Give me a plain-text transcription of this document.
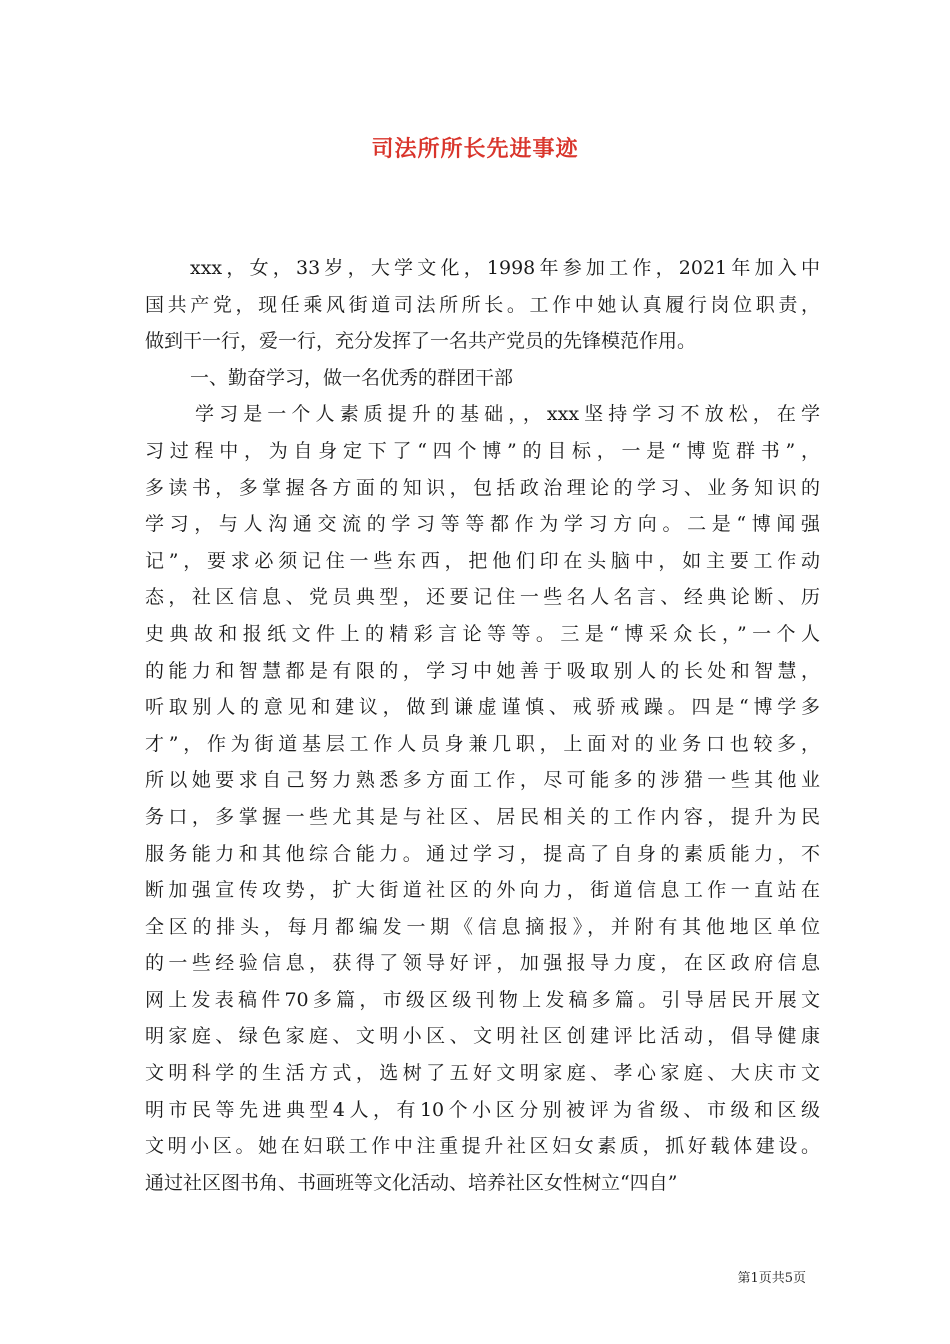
司法所所长先进事迹
xxx，女，33岁，大学文化，1998年参加工作，2021年加入中
国共产党，现任乘风街道司法所所长。工作中她认真履行岗位职责，
做到干一行，爱一行，充分发挥了一名共产党员的先锋模范作用。
一、勤奋学习，做一名优秀的群团干部
学习是一个人素质提升的基础，，xxx坚持学习不放松，在学
习过程中，为自身定下了“四个博”的目标，一是“博览群书”，
多读书，多掌握各方面的知识，包括政治理论的学习、业务知识的
学习，与人沟通交流的学习等等都作为学习方向。二是“博闻强
记”，要求必须记住一些东西，把他们印在头脑中，如主要工作动
态，社区信息、党员典型，还要记住一些名人名言、经典论断、历
史典故和报纸文件上的精彩言论等等。三是“博采众长，”一个人
的能力和智慧都是有限的，学习中她善于吸取别人的长处和智慧，
听取别人的意见和建议，做到谦虚谨慎、戒骄戒躁。四是“博学多
才”，作为街道基层工作人员身兼几职，上面对的业务口也较多，
所以她要求自己努力熟悉多方面工作，尽可能多的涉猎一些其他业
务口，多掌握一些尤其是与社区、居民相关的工作内容，提升为民
服务能力和其他综合能力。通过学习，提高了自身的素质能力，不
断加强宣传攻势，扩大街道社区的外向力，街道信息工作一直站在
全区的排头，每月都编发一期《信息摘报》，并附有其他地区单位
的一些经验信息，获得了领导好评，加强报导力度，在区政府信息
网上发表稿件70多篇，市级区级刊物上发稿多篇。引导居民开展文
明家庭、绿色家庭、文明小区、文明社区创建评比活动，倡导健康
文明科学的生活方式，选树了五好文明家庭、孝心家庭、大庆市文
明市民等先进典型4人，有10个小区分别被评为省级、市级和区级
文明小区。她在妇联工作中注重提升社区妇女素质，抓好载体建设。
通过社区图书角、书画班等文化活动、培养社区女性树立“四自”
第1页共5页
